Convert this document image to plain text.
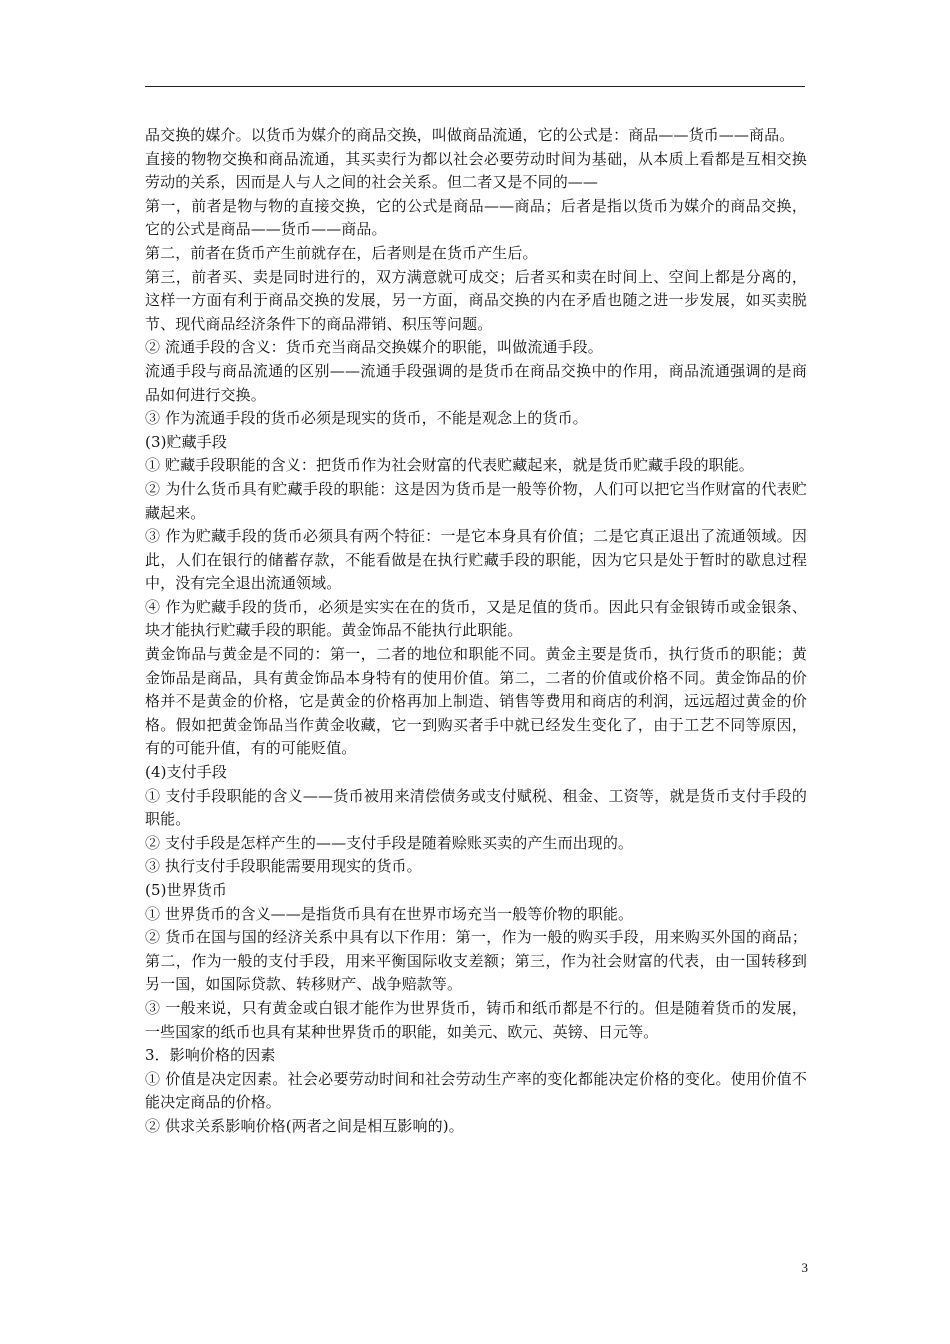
品交换的媒介。以货币为媒介的商品交换，叫做商品流通，它的公式是：商品——货币——商品。

直接的物物交换和商品流通，其买卖行为都以社会必要劳动时间为基础，从本质上看都是互相交换劳动的关系，因而是人与人之间的社会关系。但二者又是不同的——

第一，前者是物与物的直接交换，它的公式是商品——商品；后者是指以货币为媒介的商品交换，它的公式是商品——货币——商品。

第二，前者在货币产生前就存在，后者则是在货币产生后。

第三，前者买、卖是同时进行的，双方满意就可成交；后者买和卖在时间上、空间上都是分离的，这样一方面有利于商品交换的发展，另一方面，商品交换的内在矛盾也随之进一步发展，如买卖脱节、现代商品经济条件下的商品滞销、积压等问题。

② 流通手段的含义：货币充当商品交换媒介的职能，叫做流通手段。

流通手段与商品流通的区别——流通手段强调的是货币在商品交换中的作用，商品流通强调的是商品如何进行交换。

③ 作为流通手段的货币必须是现实的货币，不能是观念上的货币。

(3)贮藏手段

① 贮藏手段职能的含义：把货币作为社会财富的代表贮藏起来，就是货币贮藏手段的职能。

② 为什么货币具有贮藏手段的职能：这是因为货币是一般等价物，人们可以把它当作财富的代表贮藏起来。

③ 作为贮藏手段的货币必须具有两个特征：一是它本身具有价值；二是它真正退出了流通领域。因此，人们在银行的储蓄存款，不能看做是在执行贮藏手段的职能，因为它只是处于暂时的歇息过程中，没有完全退出流通领域。

④ 作为贮藏手段的货币，必须是实实在在的货币，又是足值的货币。因此只有金银铸币或金银条、块才能执行贮藏手段的职能。黄金饰品不能执行此职能。

黄金饰品与黄金是不同的：第一，二者的地位和职能不同。黄金主要是货币，执行货币的职能；黄金饰品是商品，具有黄金饰品本身特有的使用价值。第二，二者的价值或价格不同。黄金饰品的价格并不是黄金的价格，它是黄金的价格再加上制造、销售等费用和商店的利润，远远超过黄金的价格。假如把黄金饰品当作黄金收藏，它一到购买者手中就已经发生变化了，由于工艺不同等原因，有的可能升值，有的可能贬值。

(4)支付手段

① 支付手段职能的含义——货币被用来清偿债务或支付赋税、租金、工资等，就是货币支付手段的职能。

② 支付手段是怎样产生的——支付手段是随着赊账买卖的产生而出现的。

③ 执行支付手段职能需要用现实的货币。

(5)世界货币

① 世界货币的含义——是指货币具有在世界市场充当一般等价物的职能。

② 货币在国与国的经济关系中具有以下作用：第一，作为一般的购买手段，用来购买外国的商品；第二，作为一般的支付手段，用来平衡国际收支差额；第三，作为社会财富的代表，由一国转移到另一国，如国际贷款、转移财产、战争赔款等。

③ 一般来说，只有黄金或白银才能作为世界货币，铸币和纸币都是不行的。但是随着货币的发展，一些国家的纸币也具有某种世界货币的职能，如美元、欧元、英镑、日元等。

3．影响价格的因素

① 价值是决定因素。社会必要劳动时间和社会劳动生产率的变化都能决定价格的变化。使用价值不能决定商品的价格。

② 供求关系影响价格(两者之间是相互影响的)。

3
